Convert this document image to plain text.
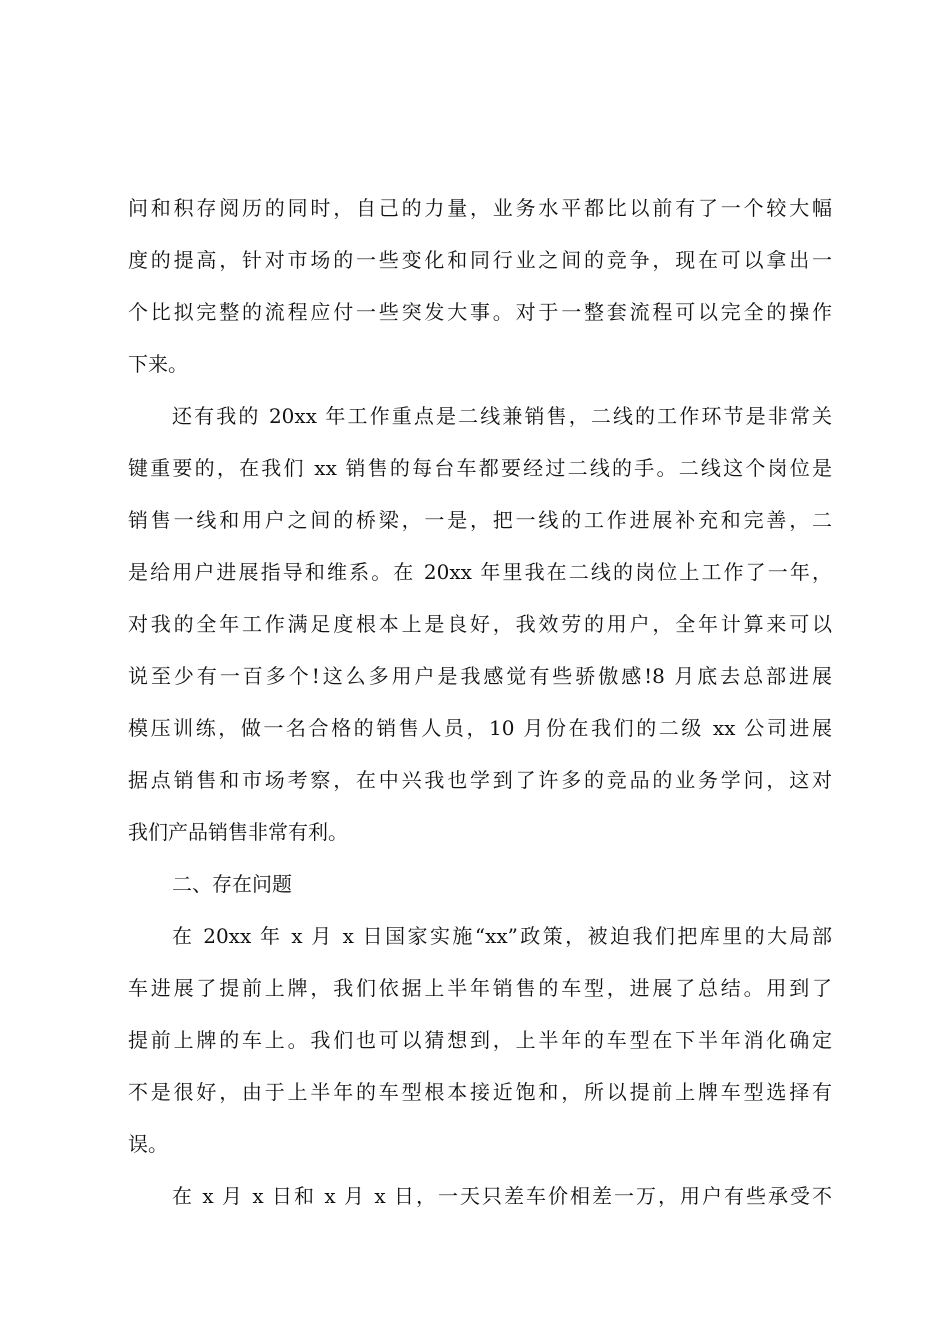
问和积存阅历的同时，自己的力量，业务水平都比以前有了一个较大幅
度的提高，针对市场的一些变化和同行业之间的竞争，现在可以拿出一
个比拟完整的流程应付一些突发大事。对于一整套流程可以完全的操作
下来。
还有我的 20xx 年工作重点是二线兼销售，二线的工作环节是非常关
键重要的，在我们 xx 销售的每台车都要经过二线的手。二线这个岗位是
销售一线和用户之间的桥梁，一是，把一线的工作进展补充和完善，二
是给用户进展指导和维系。在 20xx 年里我在二线的岗位上工作了一年，
对我的全年工作满足度根本上是良好，我效劳的用户，全年计算来可以
说至少有一百多个!这么多用户是我感觉有些骄傲感!8 月底去总部进展
模压训练，做一名合格的销售人员，10 月份在我们的二级 xx 公司进展
据点销售和市场考察，在中兴我也学到了许多的竞品的业务学问，这对
我们产品销售非常有利。
二、存在问题
在 20xx 年 x 月 x 日国家实施“xx”政策，被迫我们把库里的大局部
车进展了提前上牌，我们依据上半年销售的车型，进展了总结。用到了
提前上牌的车上。我们也可以猜想到，上半年的车型在下半年消化确定
不是很好，由于上半年的车型根本接近饱和，所以提前上牌车型选择有
误。
在 x 月 x 日和 x 月 x 日，一天只差车价相差一万，用户有些承受不
